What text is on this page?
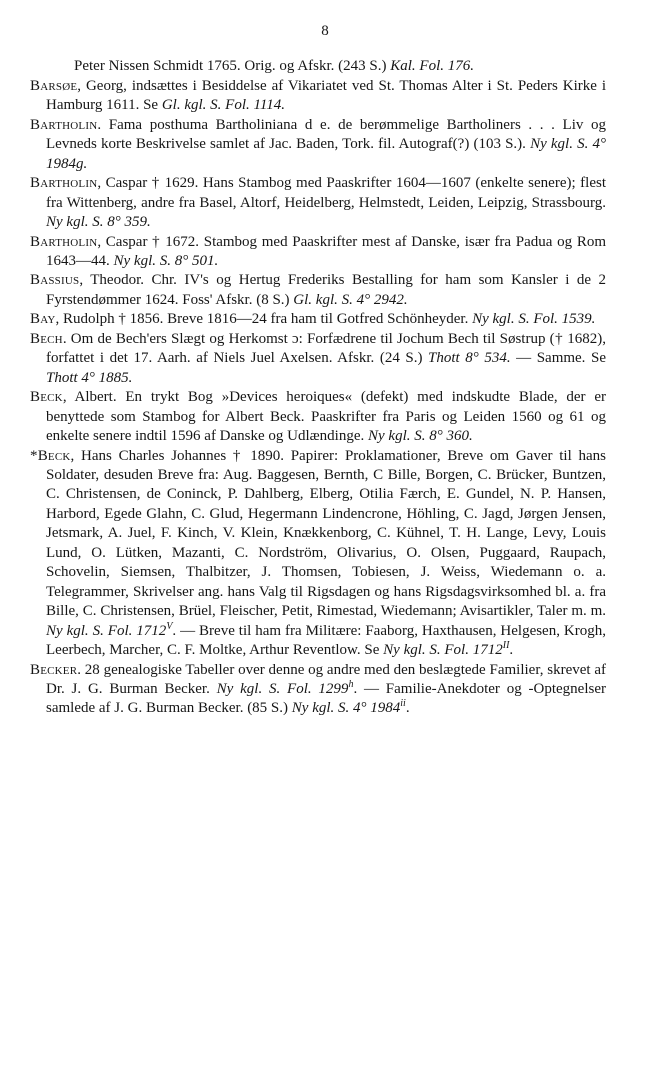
8

Peter Nissen Schmidt 1765. Orig. og Afskr. (243 S.) Kal. Fol. 176.

Barsøe, Georg, indsættes i Besiddelse af Vikariatet ved St. Thomas Alter i St. Peders Kirke i Hamburg 1611. Se Gl. kgl. S. Fol. 1114.

Bartholin. Fama posthuma Bartholiniana d e. de berømmelige Bartholiners . . . Liv og Levneds korte Beskrivelse samlet af Jac. Baden, Tork. fil. Autograf(?) (103 S.). Ny kgl. S. 4° 1984g.

Bartholin, Caspar † 1629. Hans Stambog med Paaskrifter 1604—1607 (enkelte senere); flest fra Wittenberg, andre fra Basel, Altorf, Heidelberg, Helmstedt, Leiden, Leipzig, Strassbourg. Ny kgl. S. 8° 359.

Bartholin, Caspar † 1672. Stambog med Paaskrifter mest af Danske, især fra Padua og Rom 1643—44. Ny kgl. S. 8° 501.

Bassius, Theodor. Chr. IV's og Hertug Frederiks Bestalling for ham som Kansler i de 2 Fyrstendømmer 1624. Foss' Afskr. (8 S.) Gl. kgl. S. 4° 2942.

Bay, Rudolph † 1856. Breve 1816—24 fra ham til Gotfred Schönheyder. Ny kgl. S. Fol. 1539.

Bech. Om de Bech'ers Slægt og Herkomst ɔ: Forfædrene til Jochum Bech til Søstrup († 1682), forfattet i det 17. Aarh. af Niels Juel Axelsen. Afskr. (24 S.) Thott 8° 534. — Samme. Se Thott 4° 1885.

Beck, Albert. En trykt Bog »Devices heroiques« (defekt) med indskudte Blade, der er benyttede som Stambog for Albert Beck. Paaskrifter fra Paris og Leiden 1560 og 61 og enkelte senere indtil 1596 af Danske og Udlændinge. Ny kgl. S. 8° 360.

*Beck, Hans Charles Johannes † 1890. Papirer: Proklamationer, Breve om Gaver til hans Soldater, desuden Breve fra: Aug. Baggesen, Bernth, C Bille, Borgen, C. Brücker, Buntzen, C. Christensen, de Coninck, P. Dahlberg, Elberg, Otilia Færch, E. Gundel, N. P. Hansen, Harbord, Egede Glahn, C. Glud, Hegermann Lindencrone, Höhling, C. Jagd, Jørgen Jensen, Jetsmark, A. Juel, F. Kinch, V. Klein, Knækkenborg, C. Kühnel, T. H. Lange, Levy, Louis Lund, O. Lütken, Mazanti, C. Nordström, Olivarius, O. Olsen, Puggaard, Raupach, Schovelin, Siemsen, Thalbitzer, J. Thomsen, Tobiesen, J. Weiss, Wiedemann o. a. Telegrammer, Skrivelser ang. hans Valg til Rigsdagen og hans Rigsdagsvirksomhed bl. a. fra Bille, C. Christensen, Brüel, Fleischer, Petit, Rimestad, Wiedemann; Avisartikler, Taler m. m. Ny kgl. S. Fol. $1712^V$. — Breve til ham fra Militære: Faaborg, Haxthausen, Helgesen, Krogh, Leerbech, Marcher, C. F. Moltke, Arthur Reventlow. Se Ny kgl. S. Fol. $1712^{II}$.

Becker. 28 genealogiske Tabeller over denne og andre med den beslægtede Familier, skrevet af Dr. J. G. Burman Becker. Ny kgl. S. Fol. 1299$^h$. — Familie-Anekdoter og -Optegnelser samlede af J. G. Burman Becker. (85 S.) Ny kgl. S. 4° 1984$^{ii}$.
